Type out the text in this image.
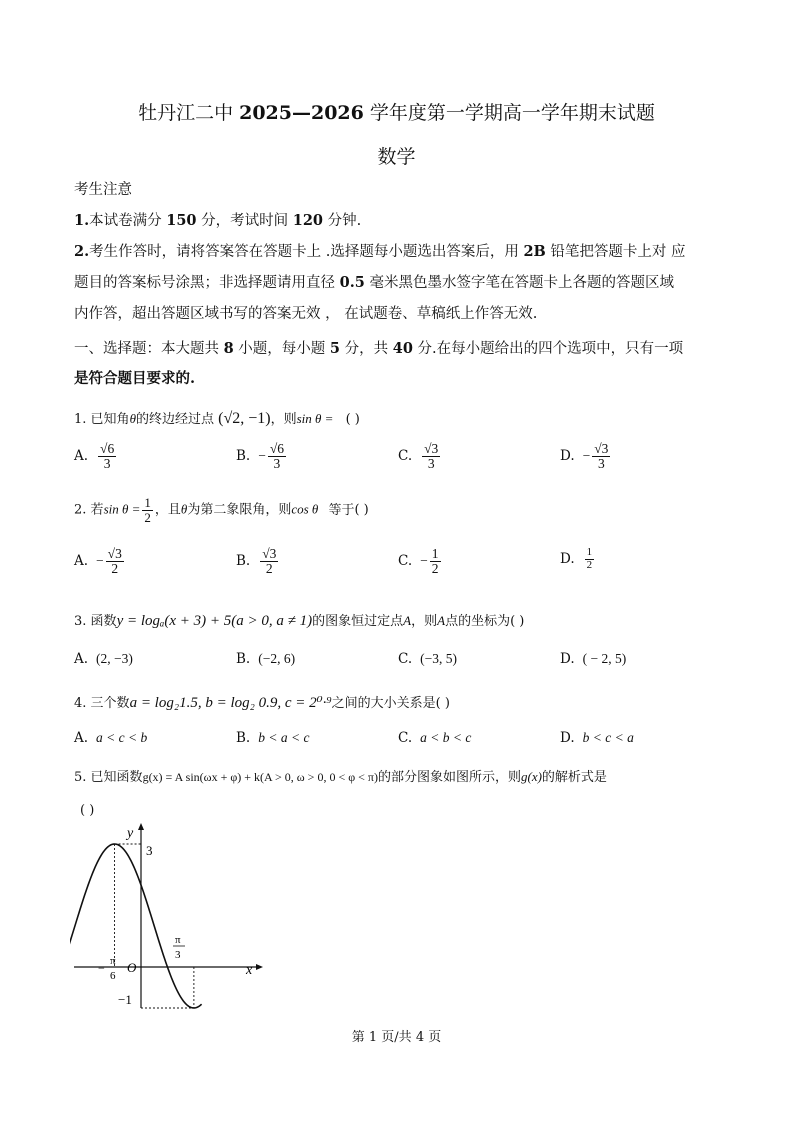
牡丹江二中 2025—2026 学年度第一学期高一学年期末试题
数学
考生注意
1.本试卷满分 150 分，考试时间 120 分钟.
2.考生作答时，请将答案答在答题卡上 .选择题每小题选出答案后，用 2B 铅笔把答题卡上对 应
题目的答案标号涂黑；非选择题请用直径 0.5 毫米黑色墨水签字笔在答题卡上各题的答题区域
内作答，超出答题区域书写的答案无效 ， 在试题卷、草稿纸上作答无效.
一、选择题：本大题共 8 小题，每小题 5 分，共 40 分.在每小题给出的四个选项中，只有一项
是符合题目要求的.
1. 已知角θ的终边经过点 (√2, −1)，则sin θ = ( )
A. $\frac{√6}{3}$	B. − $\frac{√6}{3}$	C. $\frac{√3}{3}$	D. − $\frac{√3}{3}$
2. 若$\sin \theta = \frac{1}{2}$ ，且θ为第二象限角，则cos θ 等于( )
A. − $\frac{√3}{2}$	B. $\frac{√3}{2}$	C. − $\frac{1}{2}$	D. $\frac{1}{2}$
3. 函数y = logₐ(x + 3) + 5(a > 0, a ≠ 1)的图象恒过定点A，则A点的坐标为( )
A. (2, −3)	B. (−2, 6)	C. (−3, 5)	D. ( − 2, 5)
4. 三个数a = log₂1.5, b = log₂ 0.9, c = 2⁰·⁹之间的大小关系是( )
A. a < c < b	B. b < a < c	C. a < b < c	D. b < c < a
5. 已知函数g(x) = A sin(ωx + φ) + k(A > 0, ω > 0, 0 < φ < π)的部分图象如图所示，则g(x)的解析式是
( )
y
x
O
3
−1
− π
6
π
3
第 1 页/共 4 页
